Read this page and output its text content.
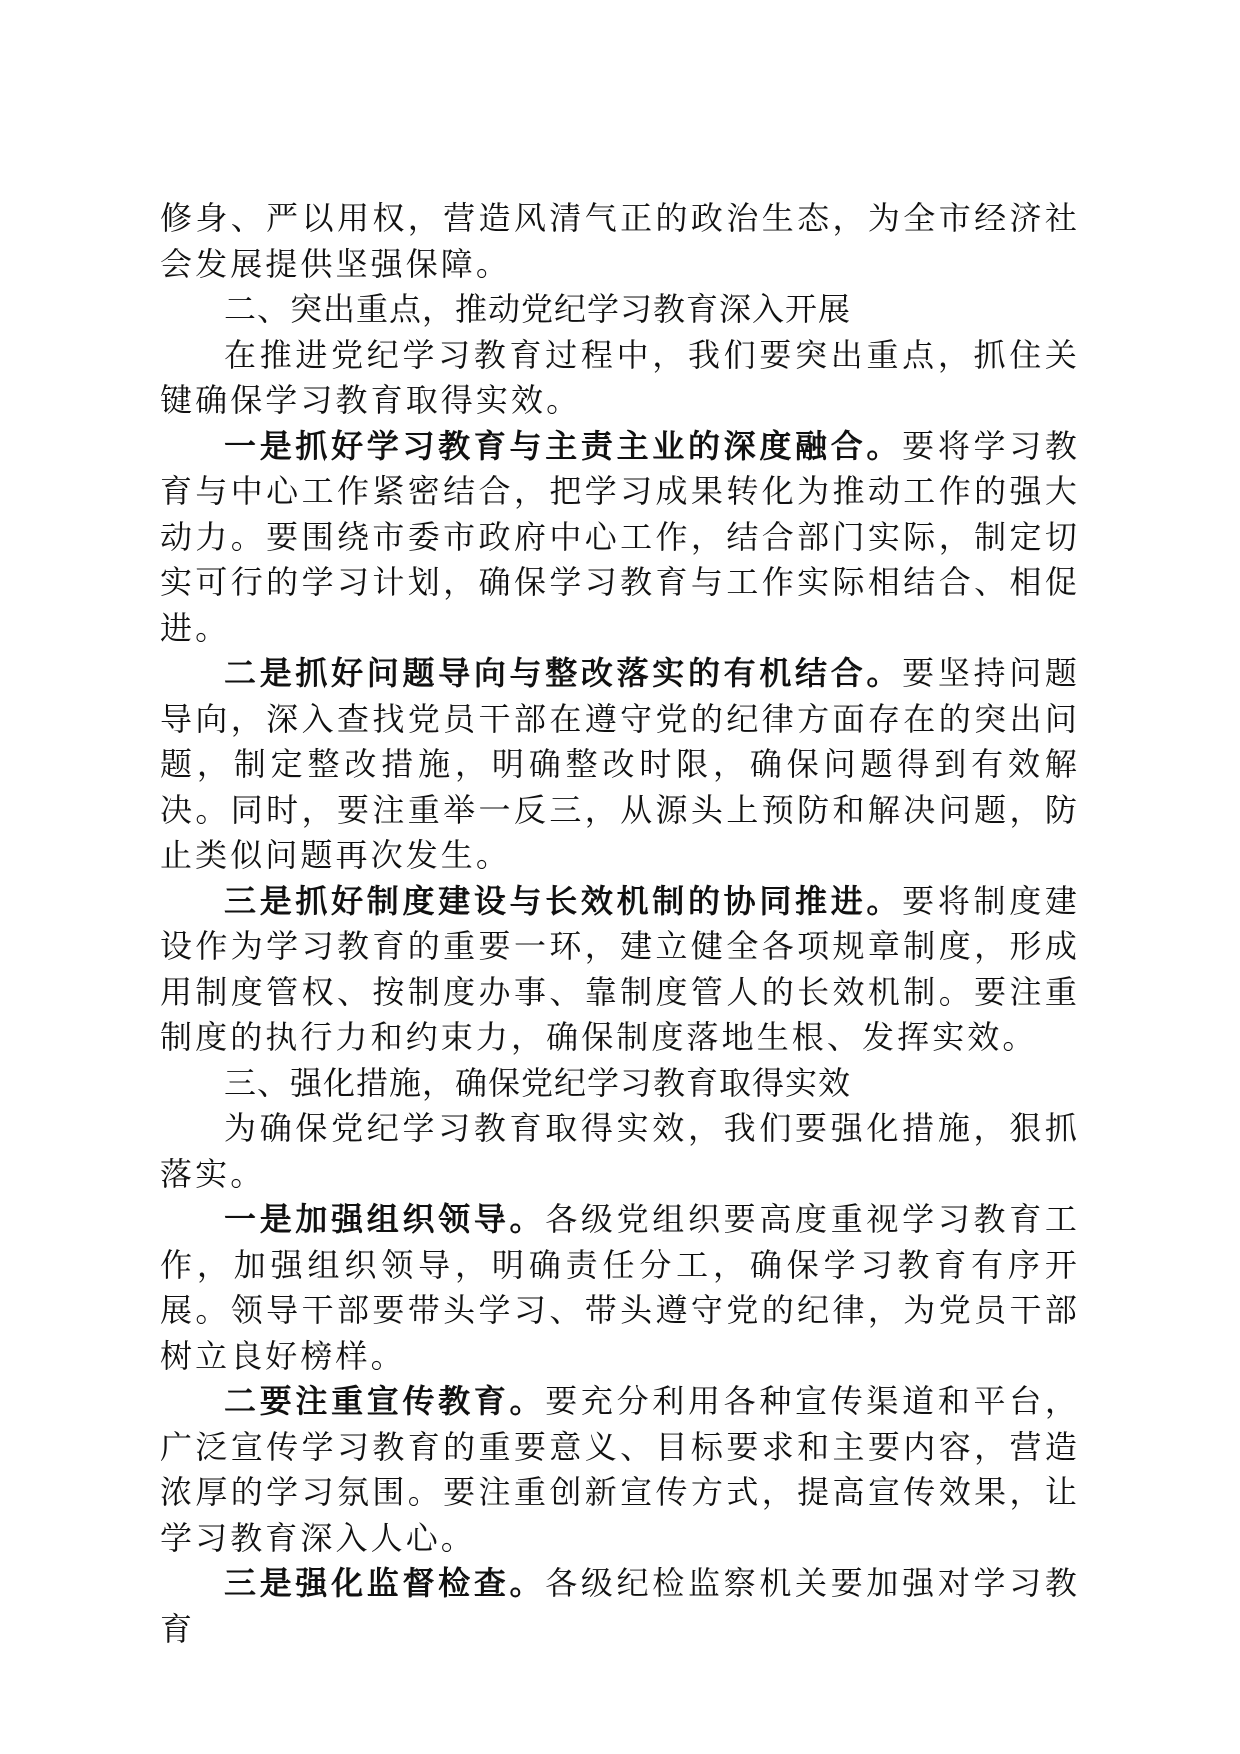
修身、严以用权，营造风清气正的政治生态，为全市经济社会发展提供坚强保障。

二、突出重点，推动党纪学习教育深入开展

在推进党纪学习教育过程中，我们要突出重点，抓住关键确保学习教育取得实效。

一是抓好学习教育与主责主业的深度融合。要将学习教育与中心工作紧密结合，把学习成果转化为推动工作的强大动力。要围绕市委市政府中心工作，结合部门实际，制定切实可行的学习计划，确保学习教育与工作实际相结合、相促进。

二是抓好问题导向与整改落实的有机结合。要坚持问题导向，深入查找党员干部在遵守党的纪律方面存在的突出问题，制定整改措施，明确整改时限，确保问题得到有效解决。同时，要注重举一反三，从源头上预防和解决问题，防止类似问题再次发生。

三是抓好制度建设与长效机制的协同推进。要将制度建设作为学习教育的重要一环，建立健全各项规章制度，形成用制度管权、按制度办事、靠制度管人的长效机制。要注重制度的执行力和约束力，确保制度落地生根、发挥实效。

三、强化措施，确保党纪学习教育取得实效

为确保党纪学习教育取得实效，我们要强化措施，狠抓落实。

一是加强组织领导。各级党组织要高度重视学习教育工作，加强组织领导，明确责任分工，确保学习教育有序开展。领导干部要带头学习、带头遵守党的纪律，为党员干部树立良好榜样。

二要注重宣传教育。要充分利用各种宣传渠道和平台，广泛宣传学习教育的重要意义、目标要求和主要内容，营造浓厚的学习氛围。要注重创新宣传方式，提高宣传效果，让学习教育深入人心。

三是强化监督检查。各级纪检监察机关要加强对学习教育
